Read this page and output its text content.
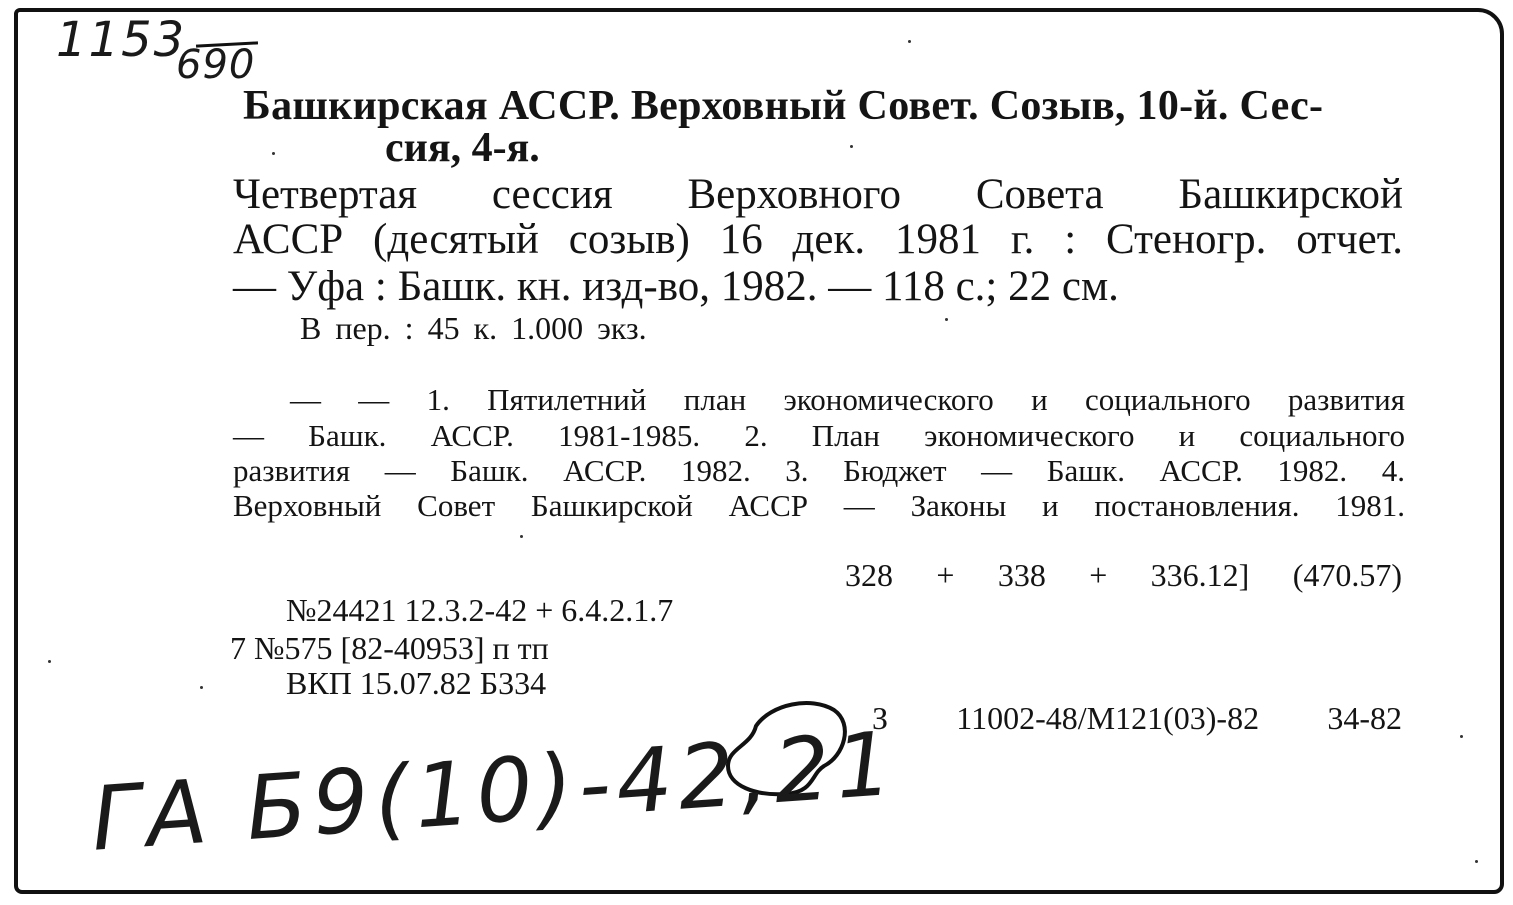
1153
690
Башкирская АССР. Верховный Совет. Созыв, 10-й. Сес-
сия, 4-я.
Четвертая сессия Верховного Совета Башкирской
АССР (десятый созыв) 16 дек. 1981 г. : Стеногр. отчет.
— Уфа : Башк. кн. изд-во, 1982. — 118 с.; 22 см.
В пер. : 45 к. 1.000 экз.
— — 1. Пятилетний план экономического и социального развития
— Башк. АССР. 1981-1985. 2. План экономического и социального
развития — Башк. АССР. 1982. 3. Бюджет — Башк. АССР. 1982. 4.
Верховный Совет Башкирской АССР — Законы и постановления. 1981.
328 + 338 + 336.12] (470.57)
№24421 12.3.2-42 + 6.4.2.1.7
7 №575 [82-40953] п тп
ВКП 15.07.82 Б334
З 11002-48/М121(03)-82 34-82
ГА Б9(10)-42,21
